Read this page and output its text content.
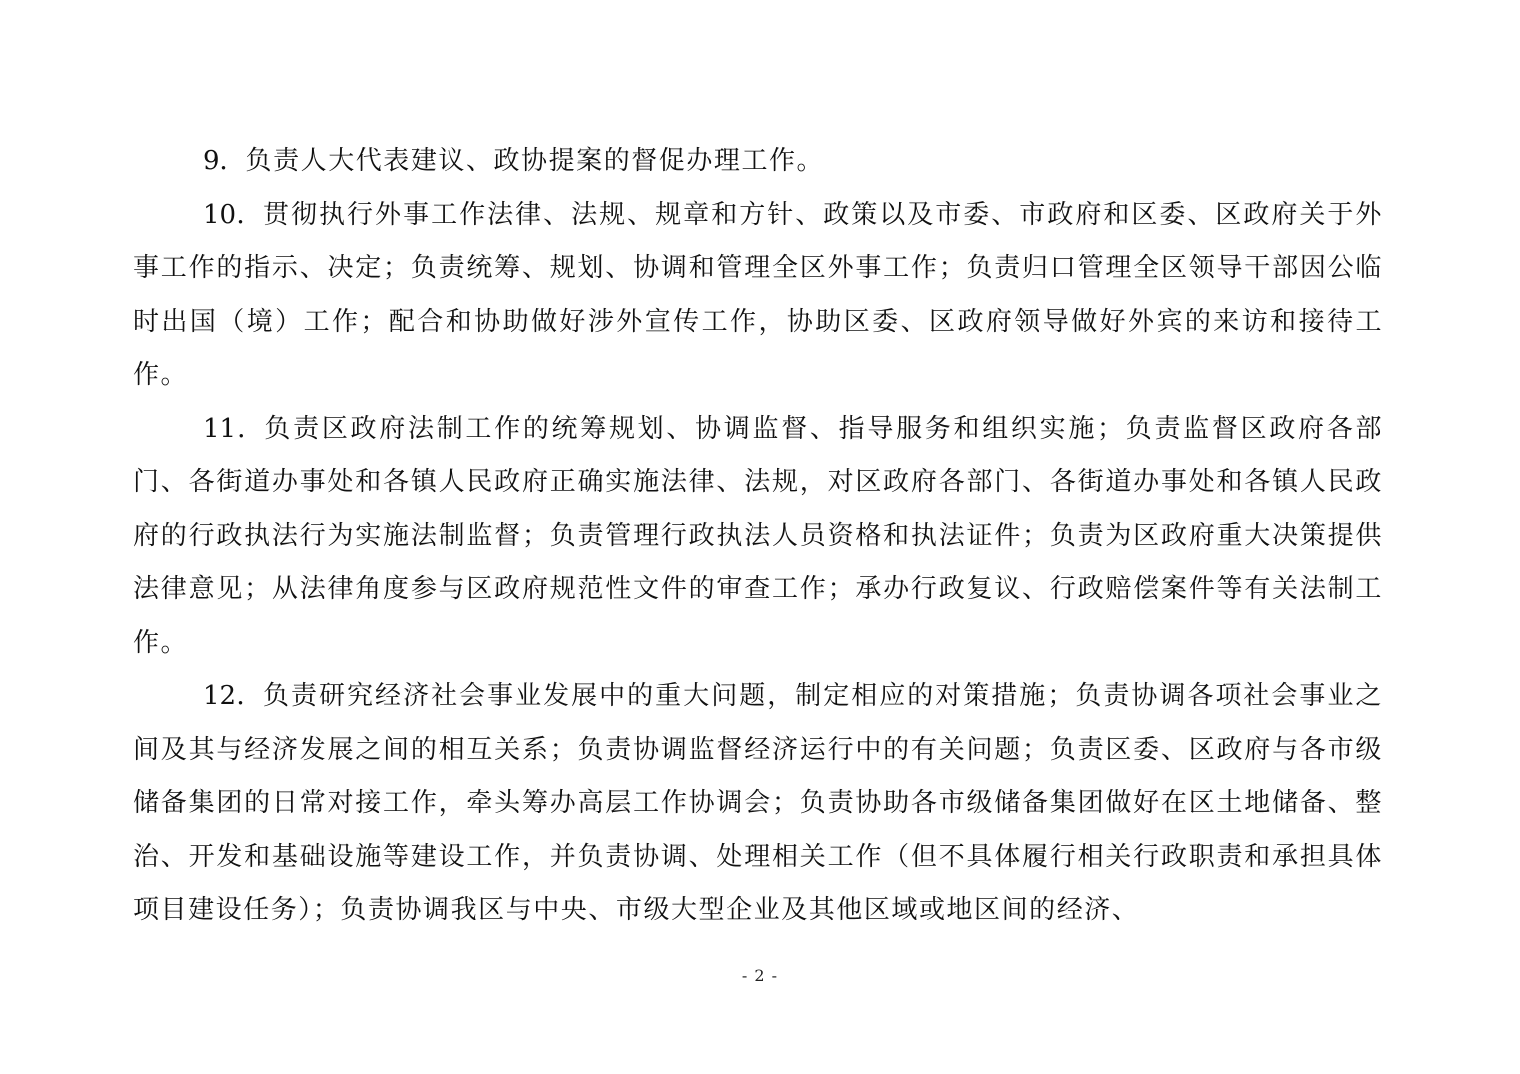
9．负责人大代表建议、政协提案的督促办理工作。

10．贯彻执行外事工作法律、法规、规章和方针、政策以及市委、市政府和区委、区政府关于外事工作的指示、决定；负责统筹、规划、协调和管理全区外事工作；负责归口管理全区领导干部因公临时出国（境）工作；配合和协助做好涉外宣传工作，协助区委、区政府领导做好外宾的来访和接待工作。

11．负责区政府法制工作的统筹规划、协调监督、指导服务和组织实施；负责监督区政府各部门、各街道办事处和各镇人民政府正确实施法律、法规，对区政府各部门、各街道办事处和各镇人民政府的行政执法行为实施法制监督；负责管理行政执法人员资格和执法证件；负责为区政府重大决策提供法律意见；从法律角度参与区政府规范性文件的审查工作；承办行政复议、行政赔偿案件等有关法制工作。

12．负责研究经济社会事业发展中的重大问题，制定相应的对策措施；负责协调各项社会事业之间及其与经济发展之间的相互关系；负责协调监督经济运行中的有关问题；负责区委、区政府与各市级储备集团的日常对接工作，牵头筹办高层工作协调会；负责协助各市级储备集团做好在区土地储备、整治、开发和基础设施等建设工作，并负责协调、处理相关工作（但不具体履行相关行政职责和承担具体项目建设任务）；负责协调我区与中央、市级大型企业及其他区域或地区间的经济、

- 2 -
